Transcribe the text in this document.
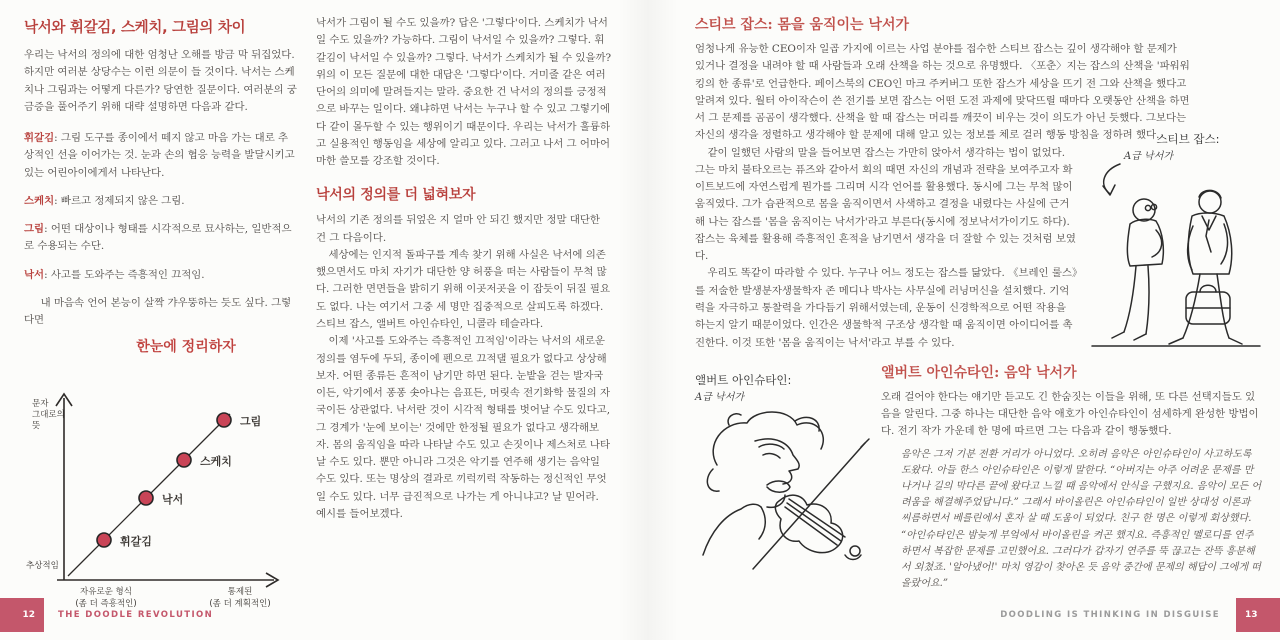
낙서와 휘갈김, 스케치, 그림의 차이

우리는 낙서의 정의에 대한 엄청난 오해를 방금 막 뒤집었다. 하지만 여러분 상당수는 이런 의문이 들 것이다. 낙서는 스케치나 그림과는 어떻게 다른가? 당연한 질문이다. 여러분의 궁금증을 풀어주기 위해 대략 설명하면 다음과 같다.

휘갈김: 그림 도구를 종이에서 떼지 않고 마음 가는 대로 추상적인 선을 이어가는 것. 눈과 손의 협응 능력을 발달시키고 있는 어린아이에게서 나타난다.

스케치: 빠르고 정제되지 않은 그림.

그림: 어떤 대상이나 형태를 시각적으로 묘사하는, 일반적으로 수용되는 수단.

낙서: 사고를 도와주는 즉흥적인 끄적임.

내 마음속 언어 본능이 살짝 갸우뚱하는 듯도 싶다. 그렇다면

한눈에 정리하자
휘갈김
낙서
스케치
그림
문자
그대로의
뜻
추상적임
자유로운 형식
(좀 더 즉흥적인)
통제된
(좀 더 계획적인)

낙서가 그림이 될 수도 있을까? 답은 '그렇다'이다. 스케치가 낙서일 수도 있을까? 가능하다. 그림이 낙서일 수 있을까? 그렇다. 휘갈김이 낙서일 수 있을까? 그렇다. 낙서가 스케치가 될 수 있을까? 위의 이 모든 질문에 대한 대답은 '그렇다'이다. 거미줄 같은 여러 단어의 의미에 말려들지는 말라. 중요한 건 낙서의 정의를 긍정적으로 바꾸는 일이다. 왜냐하면 낙서는 누구나 할 수 있고 그렇기에 다 같이 몰두할 수 있는 행위이기 때문이다. 우리는 낙서가 훌륭하고 실용적인 행동임을 세상에 알리고 있다. 그러고 나서 그 어마어마한 쓸모를 강조할 것이다.

낙서의 정의를 더 넓혀보자

낙서의 기존 정의를 뒤엎은 지 얼마 안 되긴 했지만 정말 대단한 건 그 다음이다.

세상에는 인지적 돌파구를 계속 찾기 위해 사실은 낙서에 의존했으면서도 마치 자기가 대단한 양 허풍을 떠는 사람들이 무척 많다. 그러한 면면들을 밝히기 위해 이곳저곳을 이 잡듯이 뒤질 필요도 없다. 나는 여기서 그중 세 명만 집중적으로 살피도록 하겠다. 스티브 잡스, 앨버트 아인슈타인, 니콜라 테슬라다.

이제 '사고를 도와주는 즉흥적인 끄적임'이라는 낙서의 새로운 정의를 염두에 두되, 종이에 펜으로 끄적댈 필요가 없다고 상상해보자. 어떤 종류든 흔적이 남기만 하면 된다. 눈밭을 걷는 발자국이든, 악기에서 퐁퐁 솟아나는 음표든, 머릿속 전기화학 물질의 자국이든 상관없다. 낙서란 것이 시각적 형태를 벗어날 수도 있다고, 그 경계가 '눈에 보이는' 것에만 한정될 필요가 없다고 생각해보자. 몸의 움직임을 따라 나타날 수도 있고 손짓이나 제스처로 나타날 수도 있다. 뿐만 아니라 그것은 악기를 연주해 생기는 음악일 수도 있다. 또는 명상의 결과로 끼럭끼럭 작동하는 정신적인 무엇일 수도 있다. 너무 급진적으로 나가는 게 아니냐고? 날 믿어라. 예시를 들어보겠다.

스티브 잡스: 몸을 움직이는 낙서가

엄청나게 유능한 CEO이자 일곱 가지에 이르는 사업 분야를 접수한 스티브 잡스는 깊이 생각해야 할 문제가 있거나 결정을 내려야 할 때 사람들과 오래 산책을 하는 것으로 유명했다. 〈포춘〉지는 잡스의 산책을 '파워워킹의 한 종류'로 언급한다. 페이스북의 CEO인 마크 주커버그 또한 잡스가 세상을 뜨기 전 그와 산책을 했다고 알려져 있다. 월터 아이작슨이 쓴 전기를 보면 잡스는 어떤 도전 과제에 맞닥뜨릴 때마다 오랫동안 산책을 하면서 그 문제를 곰곰이 생각했다. 산책을 할 때 잡스는 머리를 깨끗이 비우는 것이 의도가 아닌 듯했다. 그보다는 자신의 생각을 정렬하고 생각해야 할 문제에 대해 알고 있는 정보를 체로 걸러 행동 방침을 정하려 했다.

스티브 잡스:
A급 낙서가

같이 일했던 사람의 말을 들어보면 잡스는 가만히 앉아서 생각하는 법이 없었다. 그는 마치 불타오르는 퓨즈와 같아서 회의 때면 자신의 개념과 전략을 보여주고자 화이트보드에 자연스럽게 뭔가를 그리며 시각 언어를 활용했다. 동시에 그는 무척 많이 움직였다. 그가 습관적으로 몸을 움직이면서 사색하고 결정을 내렸다는 사실에 근거해 나는 잡스를 '몸을 움직이는 낙서가'라고 부른다(동시에 정보낙서가이기도 하다). 잡스는 육체를 활용해 즉흥적인 흔적을 남기면서 생각을 더 잘할 수 있는 것처럼 보였다.

우리도 똑같이 따라할 수 있다. 누구나 어느 정도는 잡스를 닮았다. 《브레인 룰스》를 저술한 발생분자생물학자 존 메디나 박사는 사무실에 러닝머신을 설치했다. 기억력을 자극하고 통찰력을 가다듬기 위해서였는데, 운동이 신경학적으로 어떤 작용을 하는지 알기 때문이었다. 인간은 생물학적 구조상 생각할 때 움직이면 아이디어를 촉진한다. 이것 또한 '몸을 움직이는 낙서'라고 부를 수 있다.

앨버트 아인슈타인:
A급 낙서가
앨버트 아인슈타인: 음악 낙서가

오래 걸어야 한다는 얘기만 듣고도 긴 한숨짓는 이들을 위해, 또 다른 선택지들도 있음을 알린다. 그중 하나는 대단한 음악 애호가 아인슈타인이 섬세하게 완성한 방법이다. 전기 작가 가운데 한 명에 따르면 그는 다음과 같이 행동했다.

음악은 그저 기분 전환 거리가 아니었다. 오히려 음악은 아인슈타인이 사고하도록 도왔다. 아들 한스 아인슈타인은 이렇게 말한다. “아버지는 아주 어려운 문제를 만나거나 길의 막다른 끝에 왔다고 느낄 때 음악에서 안식을 구했지요. 음악이 모든 어려움을 해결해주었답니다.” 그래서 바이올린은 아인슈타인이 일반 상대성 이론과 씨름하면서 베를린에서 혼자 살 때 도움이 되었다. 친구 한 명은 이렇게 회상했다. “아인슈타인은 밤늦게 부엌에서 바이올린을 켜곤 했지요. 즉흥적인 멜로디를 연주하면서 복잡한 문제를 고민했어요. 그러다가 갑자기 연주를 뚝 끊고는 잔뜩 흥분해서 외쳤죠. '알아냈어!' 마치 영감이 찾아온 듯 음악 중간에 문제의 해답이 그에게 떠올랐어요.”

12	THE DOODLE REVOLUTION	DOODLING IS THINKING IN DISGUISE	13
